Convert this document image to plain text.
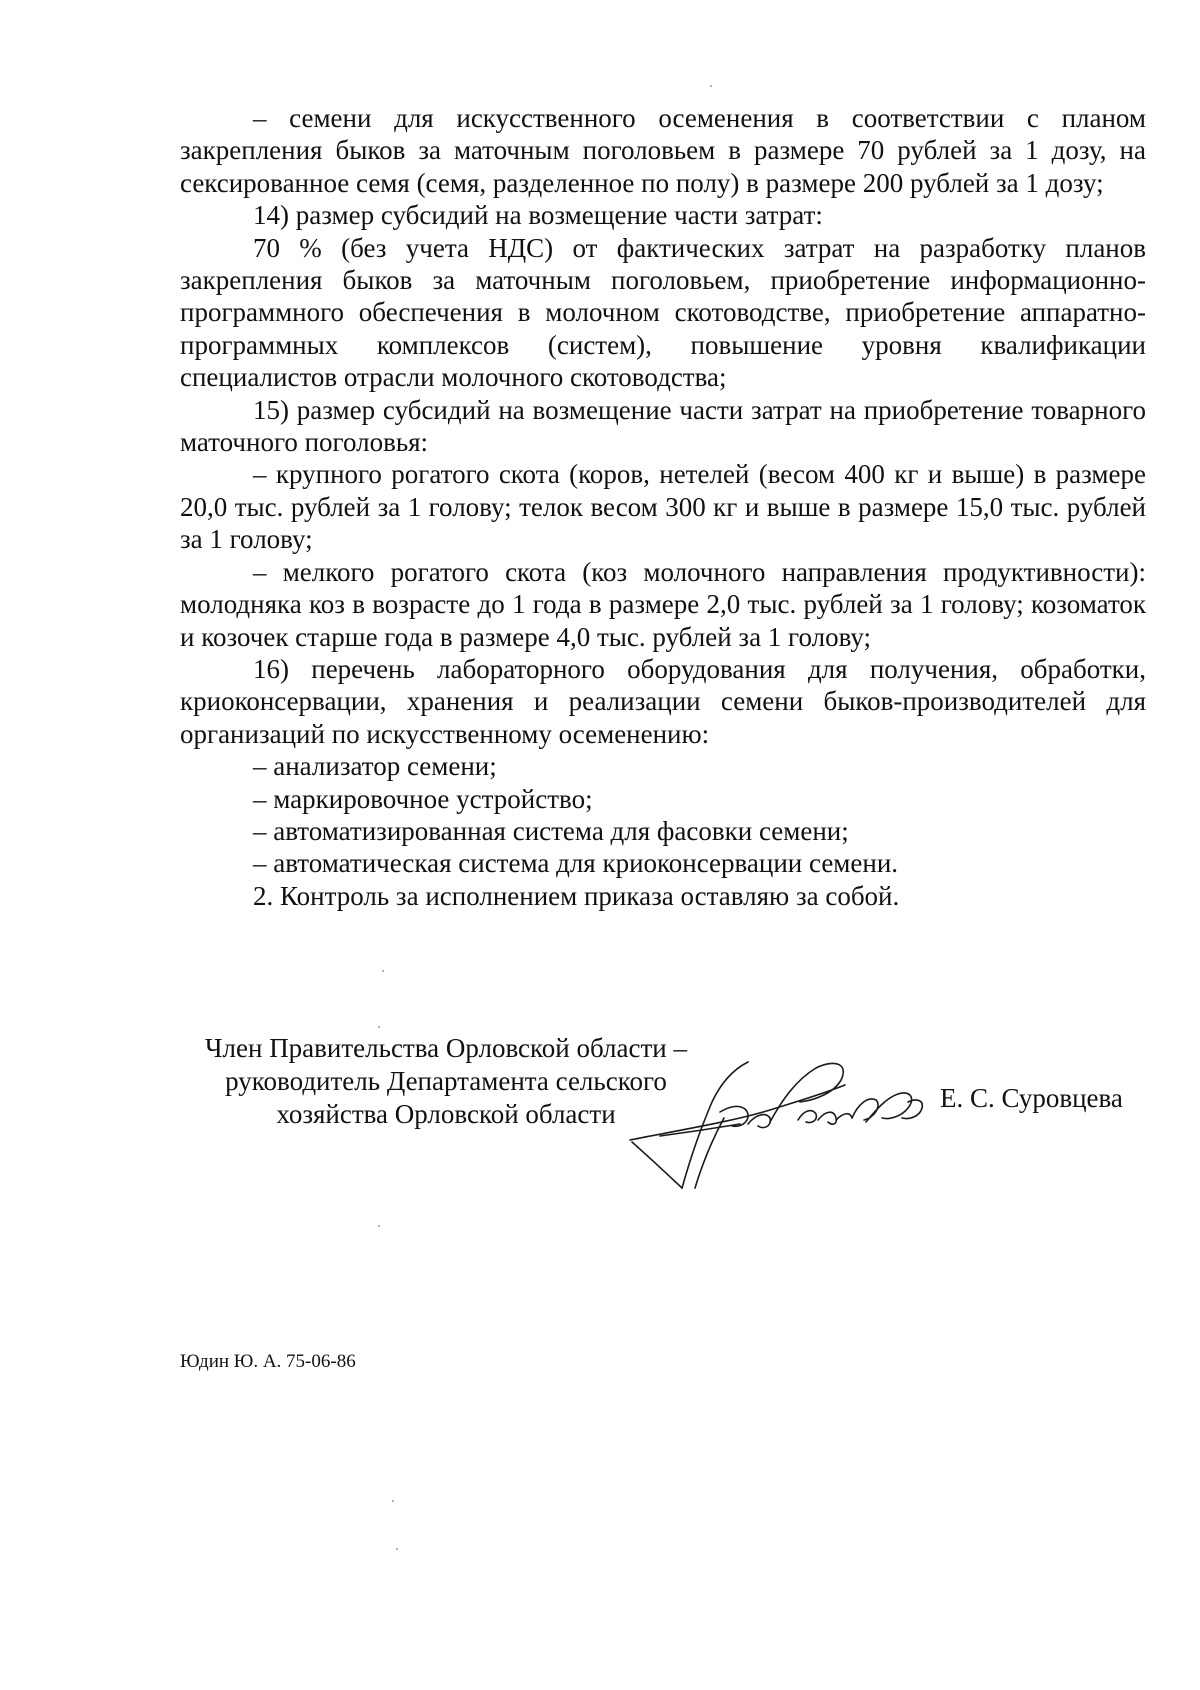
– семени для искусственного осеменения в соответствии с планом закрепления быков за маточным поголовьем в размере 70 рублей за 1 дозу, на сексированное семя (семя, разделенное по полу) в размере 200 рублей за 1 дозу;

14) размер субсидий на возмещение части затрат:

70 % (без учета НДС) от фактических затрат на разработку планов закрепления быков за маточным поголовьем, приобретение информационно-программного обеспечения в молочном скотоводстве, приобретение аппаратно-программных комплексов (систем), повышение уровня квалификации специалистов отрасли молочного скотоводства;

15) размер субсидий на возмещение части затрат на приобретение товарного маточного поголовья:

– крупного рогатого скота (коров, нетелей (весом 400 кг и выше) в размере 20,0 тыс. рублей за 1 голову; телок весом 300 кг и выше в размере 15,0 тыс. рублей за 1 голову;

– мелкого рогатого скота (коз молочного направления продуктивности): молодняка коз в возрасте до 1 года в размере 2,0 тыс. рублей за 1 голову; козоматок и козочек старше года в размере 4,0 тыс. рублей за 1 голову;

16) перечень лабораторного оборудования для получения, обработки, криоконсервации, хранения и реализации семени быков-производителей для организаций по искусственному осеменению:

– анализатор семени;

– маркировочное устройство;

– автоматизированная система для фасовки семени;

– автоматическая система для криоконсервации семени.

2. Контроль за исполнением приказа оставляю за собой.

Член Правительства Орловской области –
руководитель Департамента сельского
хозяйства Орловской области
Е. С. Суровцева
Юдин Ю. А. 75-06-86
